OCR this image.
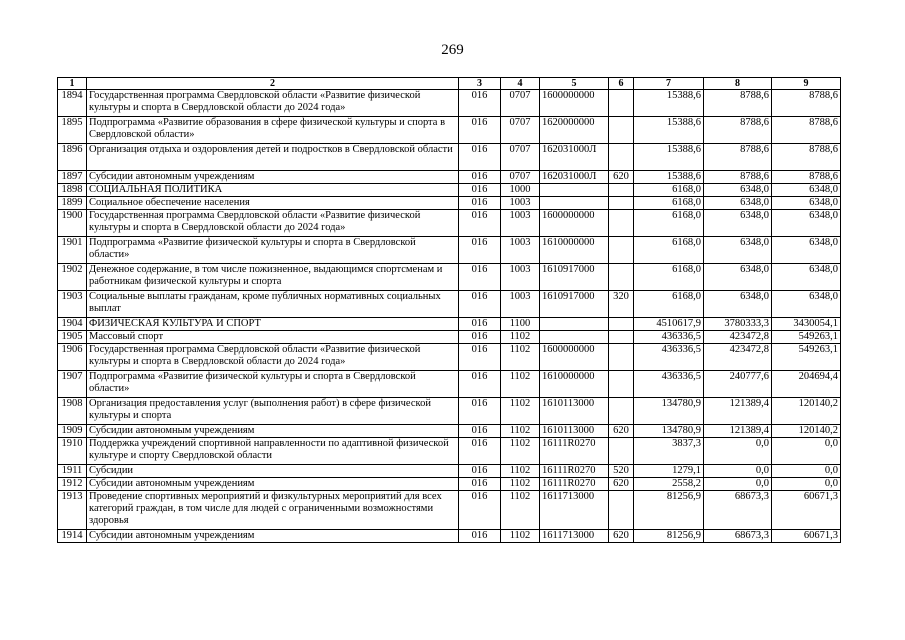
269
1	2	3	4	5	6	7	8	9
1894	Государственная программа Свердловской области «Развитие физической культуры и спорта в Свердловской области до 2024 года»	016	0707	1600000000		15388,6	8788,6	8788,6
1895	Подпрограмма «Развитие образования в сфере физической культуры и спорта в Свердловской области»	016	0707	1620000000		15388,6	8788,6	8788,6
1896	Организация отдыха и оздоровления детей и подростков в Свердловской области	016	0707	162031000Л		15388,6	8788,6	8788,6
1897	Субсидии автономным учреждениям	016	0707	162031000Л	620	15388,6	8788,6	8788,6
1898	СОЦИАЛЬНАЯ ПОЛИТИКА	016	1000			6168,0	6348,0	6348,0
1899	Социальное обеспечение населения	016	1003			6168,0	6348,0	6348,0
1900	Государственная программа Свердловской области «Развитие физической культуры и спорта в Свердловской области до 2024 года»	016	1003	1600000000		6168,0	6348,0	6348,0
1901	Подпрограмма «Развитие физической культуры и спорта в Свердловской области»	016	1003	1610000000		6168,0	6348,0	6348,0
1902	Денежное содержание, в том числе пожизненное, выдающимся спортсменам и работникам физической культуры и спорта	016	1003	1610917000		6168,0	6348,0	6348,0
1903	Социальные выплаты гражданам, кроме публичных нормативных социальных выплат	016	1003	1610917000	320	6168,0	6348,0	6348,0
1904	ФИЗИЧЕСКАЯ КУЛЬТУРА И СПОРТ	016	1100			4510617,9	3780333,3	3430054,1
1905	Массовый спорт	016	1102			436336,5	423472,8	549263,1
1906	Государственная программа Свердловской области «Развитие физической культуры и спорта в Свердловской области до 2024 года»	016	1102	1600000000		436336,5	423472,8	549263,1
1907	Подпрограмма «Развитие физической культуры и спорта в Свердловской области»	016	1102	1610000000		436336,5	240777,6	204694,4
1908	Организация предоставления услуг (выполнения работ) в сфере физической культуры и спорта	016	1102	1610113000		134780,9	121389,4	120140,2
1909	Субсидии автономным учреждениям	016	1102	1610113000	620	134780,9	121389,4	120140,2
1910	Поддержка учреждений спортивной направленности по адаптивной физической культуре и спорту Свердловской области	016	1102	16111R0270		3837,3	0,0	0,0
1911	Субсидии	016	1102	16111R0270	520	1279,1	0,0	0,0
1912	Субсидии автономным учреждениям	016	1102	16111R0270	620	2558,2	0,0	0,0
1913	Проведение спортивных мероприятий и физкультурных мероприятий для всех категорий граждан, в том числе для людей с ограниченными возможностями здоровья	016	1102	1611713000		81256,9	68673,3	60671,3
1914	Субсидии автономным учреждениям	016	1102	1611713000	620	81256,9	68673,3	60671,3
